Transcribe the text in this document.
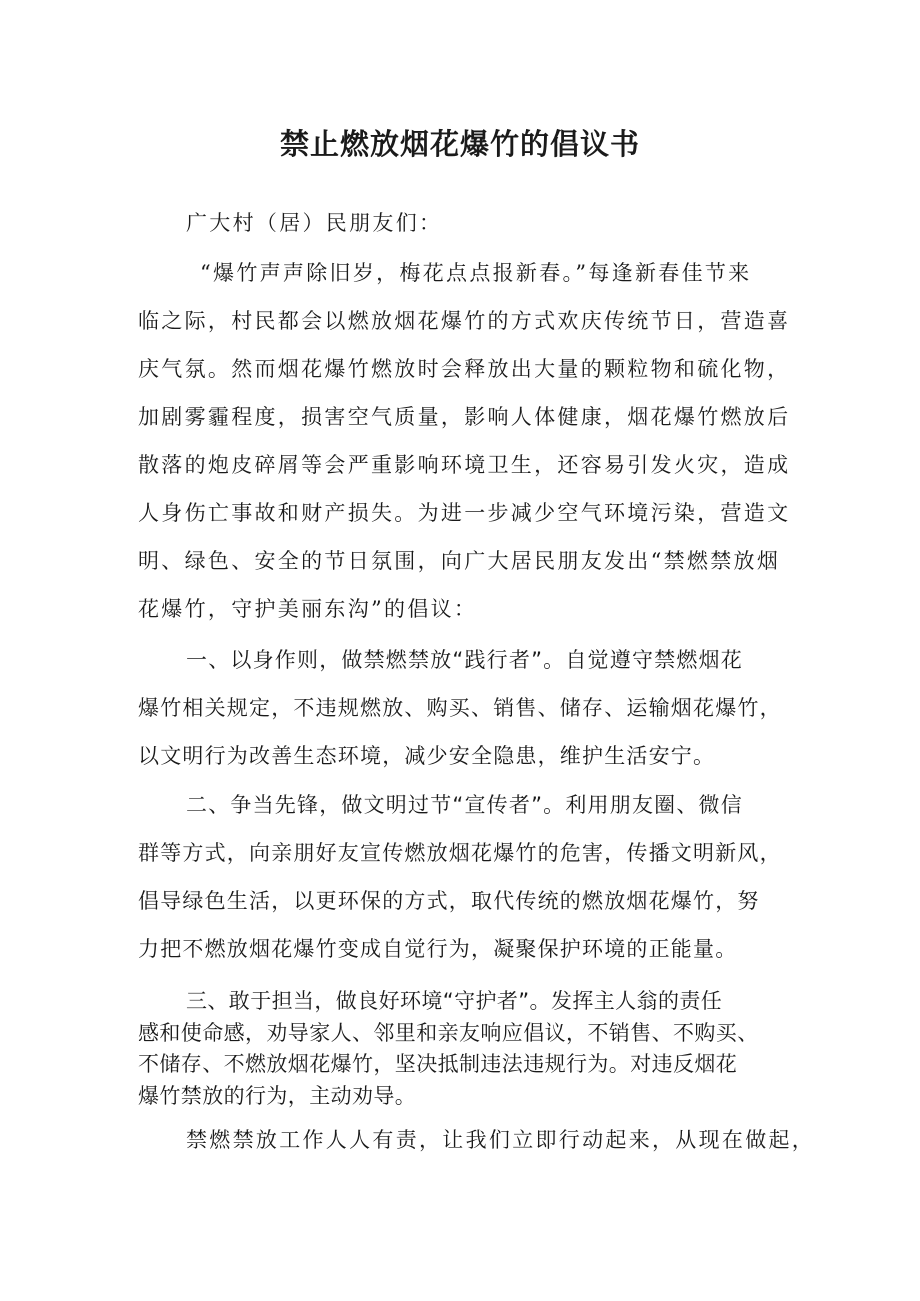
禁止燃放烟花爆竹的倡议书

广大村（居）民朋友们：

“爆竹声声除旧岁，梅花点点报新春。”每逢新春佳节来

临之际，村民都会以燃放烟花爆竹的方式欢庆传统节日，营造喜

庆气氛。然而烟花爆竹燃放时会释放出大量的颗粒物和硫化物，

加剧雾霾程度，损害空气质量，影响人体健康，烟花爆竹燃放后

散落的炮皮碎屑等会严重影响环境卫生，还容易引发火灾，造成

人身伤亡事故和财产损失。为进一步减少空气环境污染，营造文

明、绿色、安全的节日氛围，向广大居民朋友发出“禁燃禁放烟

花爆竹，守护美丽东沟”的倡议：

一、以身作则，做禁燃禁放“践行者”。自觉遵守禁燃烟花

爆竹相关规定，不违规燃放、购买、销售、储存、运输烟花爆竹，

以文明行为改善生态环境，减少安全隐患，维护生活安宁。

二、争当先锋，做文明过节“宣传者”。利用朋友圈、微信

群等方式，向亲朋好友宣传燃放烟花爆竹的危害，传播文明新风，

倡导绿色生活，以更环保的方式，取代传统的燃放烟花爆竹，努

力把不燃放烟花爆竹变成自觉行为，凝聚保护环境的正能量。

三、敢于担当，做良好环境“守护者”。发挥主人翁的责任

感和使命感，劝导家人、邻里和亲友响应倡议，不销售、不购买、

不储存、不燃放烟花爆竹，坚决抵制违法违规行为。对违反烟花

爆竹禁放的行为，主动劝导。

禁燃禁放工作人人有责，让我们立即行动起来，从现在做起，
